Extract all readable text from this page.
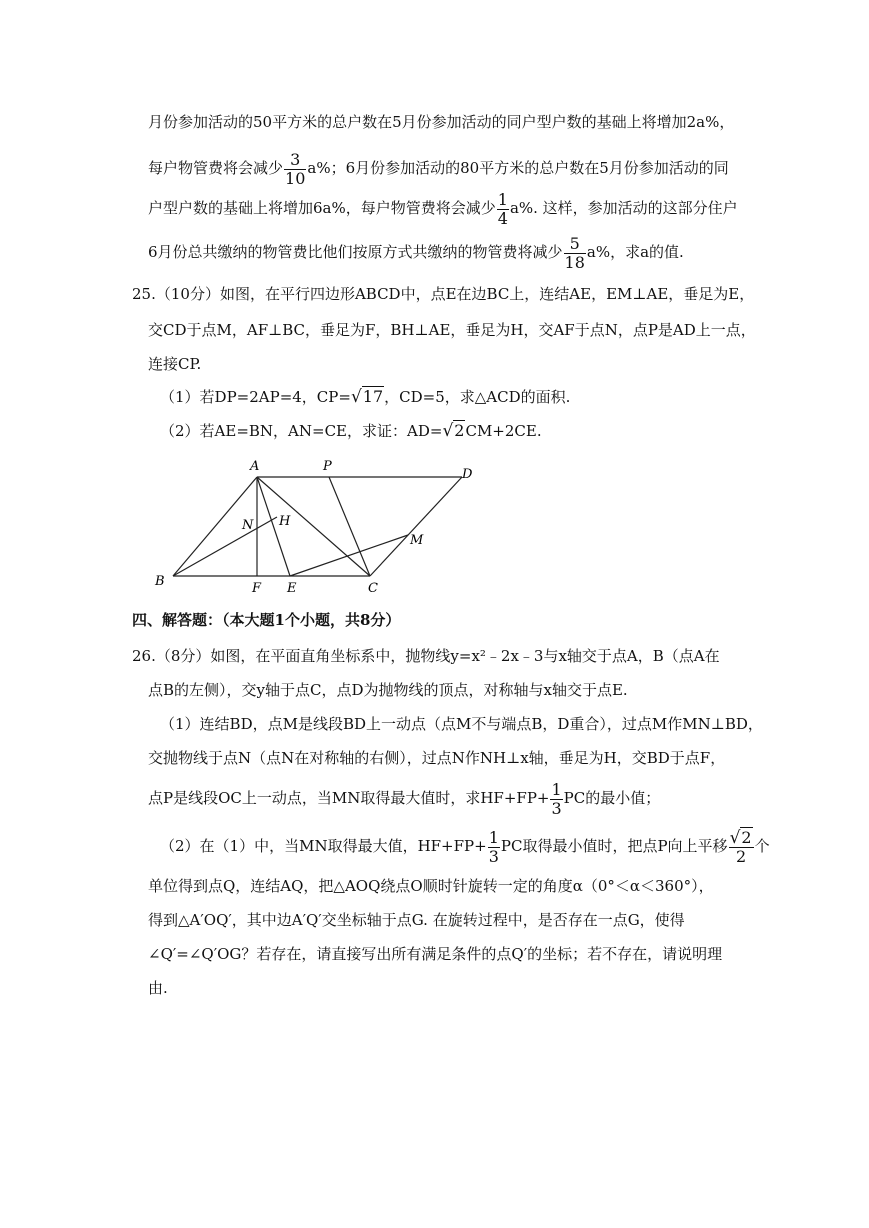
月份参加活动的50平方米的总户数在5月份参加活动的同户型户数的基础上将增加2a%，
每户物管费将会减少 $\frac{3}{10} a\%$；6月份参加活动的80平方米的总户数在5月份参加活动的同
户型户数的基础上将增加6a%，每户物管费将会减少 $\frac{1}{4} a\%$. 这样，参加活动的这部分住户
6月份总共缴纳的物管费比他们按原方式共缴纳的物管费将减少 $\frac{5}{18} a\%$，求a的值.
25.（10分）如图，在平行四边形ABCD中，点E在边BC上，连结AE，EM⊥AE，垂足为E，
交CD于点M，AF⊥BC，垂足为F，BH⊥AE，垂足为H，交AF于点N，点P是AD上一点，
连接CP.
（1）若DP=2AP=4，CP=√17，CD=5，求△ACD的面积.
（2）若AE=BN，AN=CE，求证：AD=√2CM+2CE.
A	P
D
N H
M
B	F E	C
四、解答题：（本大题1个小题，共8分）
26.（8分）如图，在平面直角坐标系中，抛物线y=x²﹣2x﹣3与x轴交于点A，B（点A在
点B的左侧），交y轴于点C，点D为抛物线的顶点，对称轴与x轴交于点E.
（1）连结BD，点M是线段BD上一动点（点M不与端点B，D重合），过点M作MN⊥BD，
交抛物线于点N（点N在对称轴的右侧），过点N作NH⊥x轴，垂足为H，交BD于点F，
点P是线段OC上一动点，当MN取得最大值时，求$HF+FP+ \frac{1}{3}$ PC的最小值；
（2）在（1）中，当MN取得最大值，$HF+FP+ \frac{1}{3}$ PC取得最小值时，把点P向上平移 $\frac{√2}{2}$ 个
单位得到点Q，连结AQ，把△AOQ绕点O顺时针旋转一定的角度α（0°＜α＜360°），
得到△A′OQ′，其中边A′Q′交坐标轴于点G. 在旋转过程中，是否存在一点G，使得
∠Q′=∠Q′OG？若存在，请直接写出所有满足条件的点Q′的坐标；若不存在，请说明理
由.
